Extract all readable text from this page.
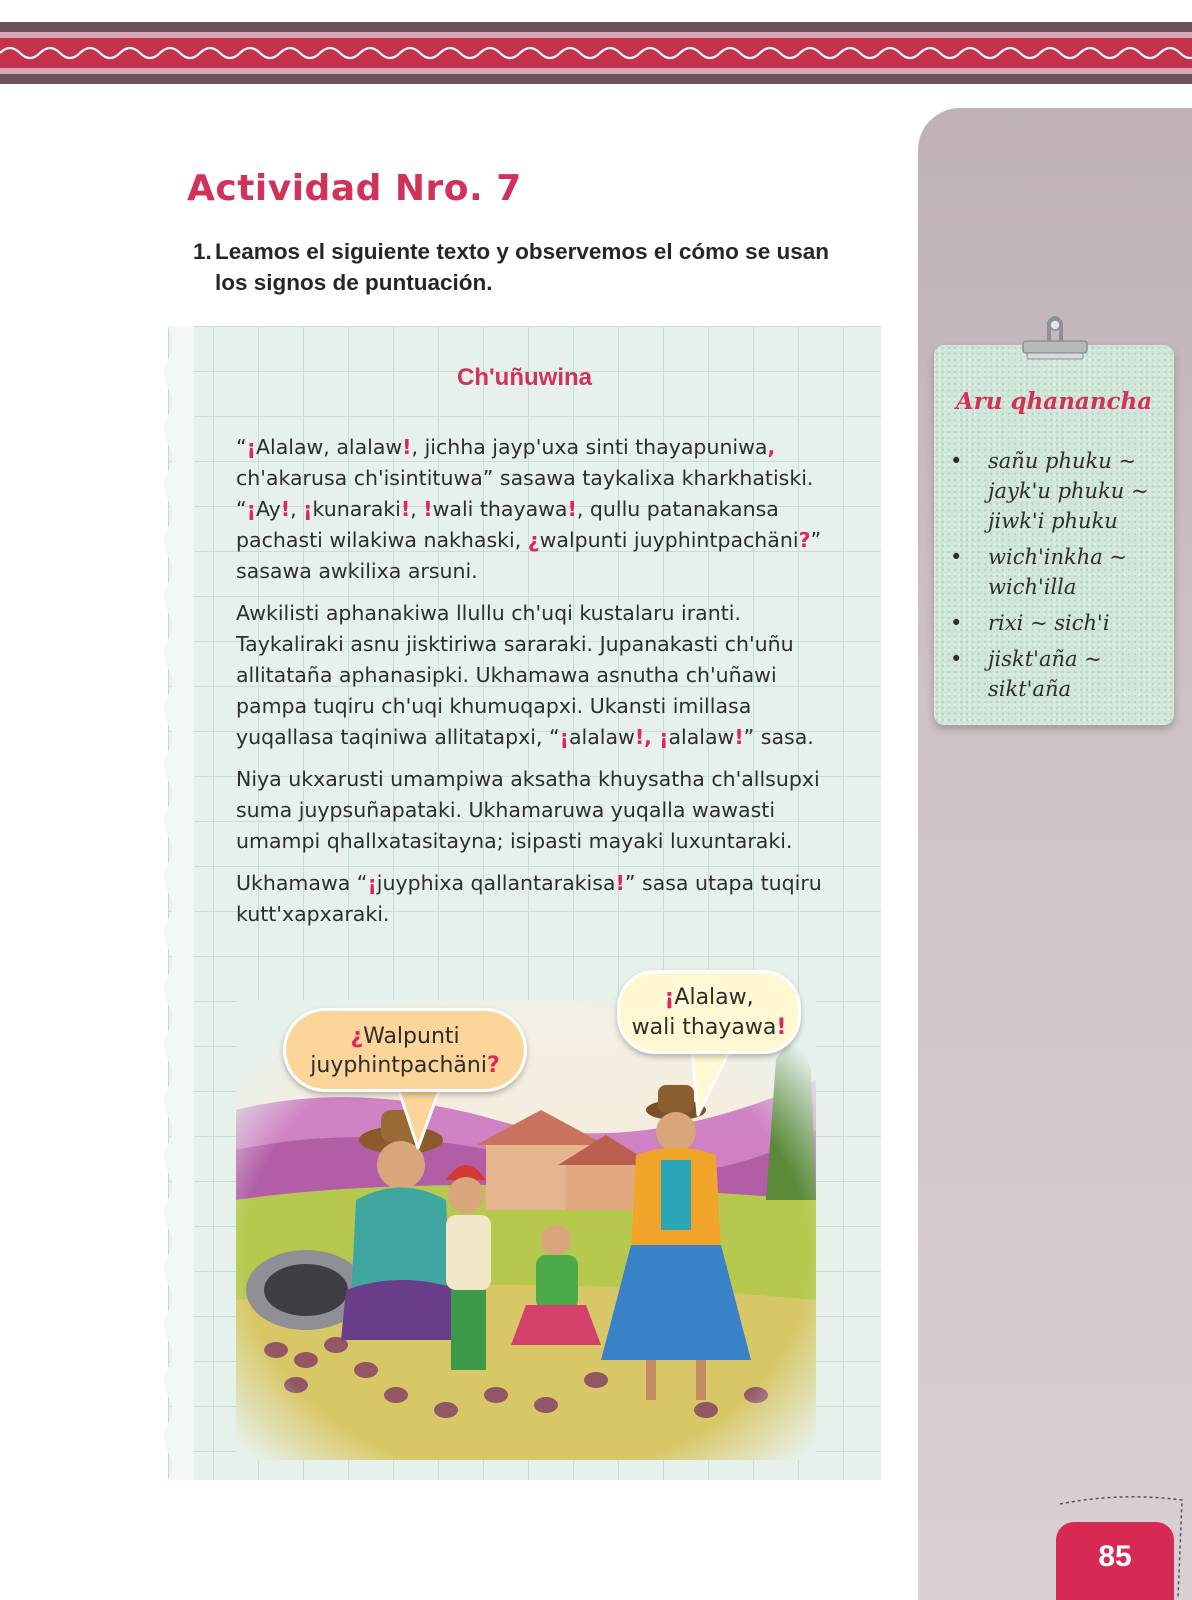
Actividad Nro. 7
1. Leamos el siguiente texto y observemos el cómo se usan
los signos de puntuación.
Ch'uñuwina

“¡Alalaw, alalaw!, jichha jayp'uxa sinti thayapuniwa,
ch'akarusa ch'isintituwa” sasawa taykalixa kharkhatiski.
“¡Ay!, ¡kunaraki!, !wali thayawa!, qullu patanakansa
pachasti wilakiwa nakhaski, ¿walpunti juyphintpachäni?”
sasawa awkilixa arsuni.

Awkilisti aphanakiwa llullu ch'uqi kustalaru iranti.
Taykaliraki asnu jisktiriwa sararaki. Jupanakasti ch'uñu
allitataña aphanasipki. Ukhamawa asnutha ch'uñawi
pampa tuqiru ch'uqi khumuqapxi. Ukansti imillasa
yuqallasa taqiniwa allitatapxi, “¡alalaw!, ¡alalaw!” sasa.

Niya ukxarusti umampiwa aksatha khuysatha ch'allsupxi
suma juypsuñapataki. Ukhamaruwa yuqalla wawasti
umampi qhallxatasitayna; isipasti mayaki luxuntaraki.

Ukhamawa “¡juyphixa qallantarakisa!” sasa utapa tuqiru
kutt'xapxaraki.

¿Walpunti
juyphintpachäni?
¡Alalaw,
wali thayawa!
Aru qhanancha
• sañu phuku ~
jayk'u phuku ~
jiwk'i phuku
• wich'inkha ~
wich'illa
• rixi ~ sich'i
• jiskt'aña ~
sikt'aña
85
